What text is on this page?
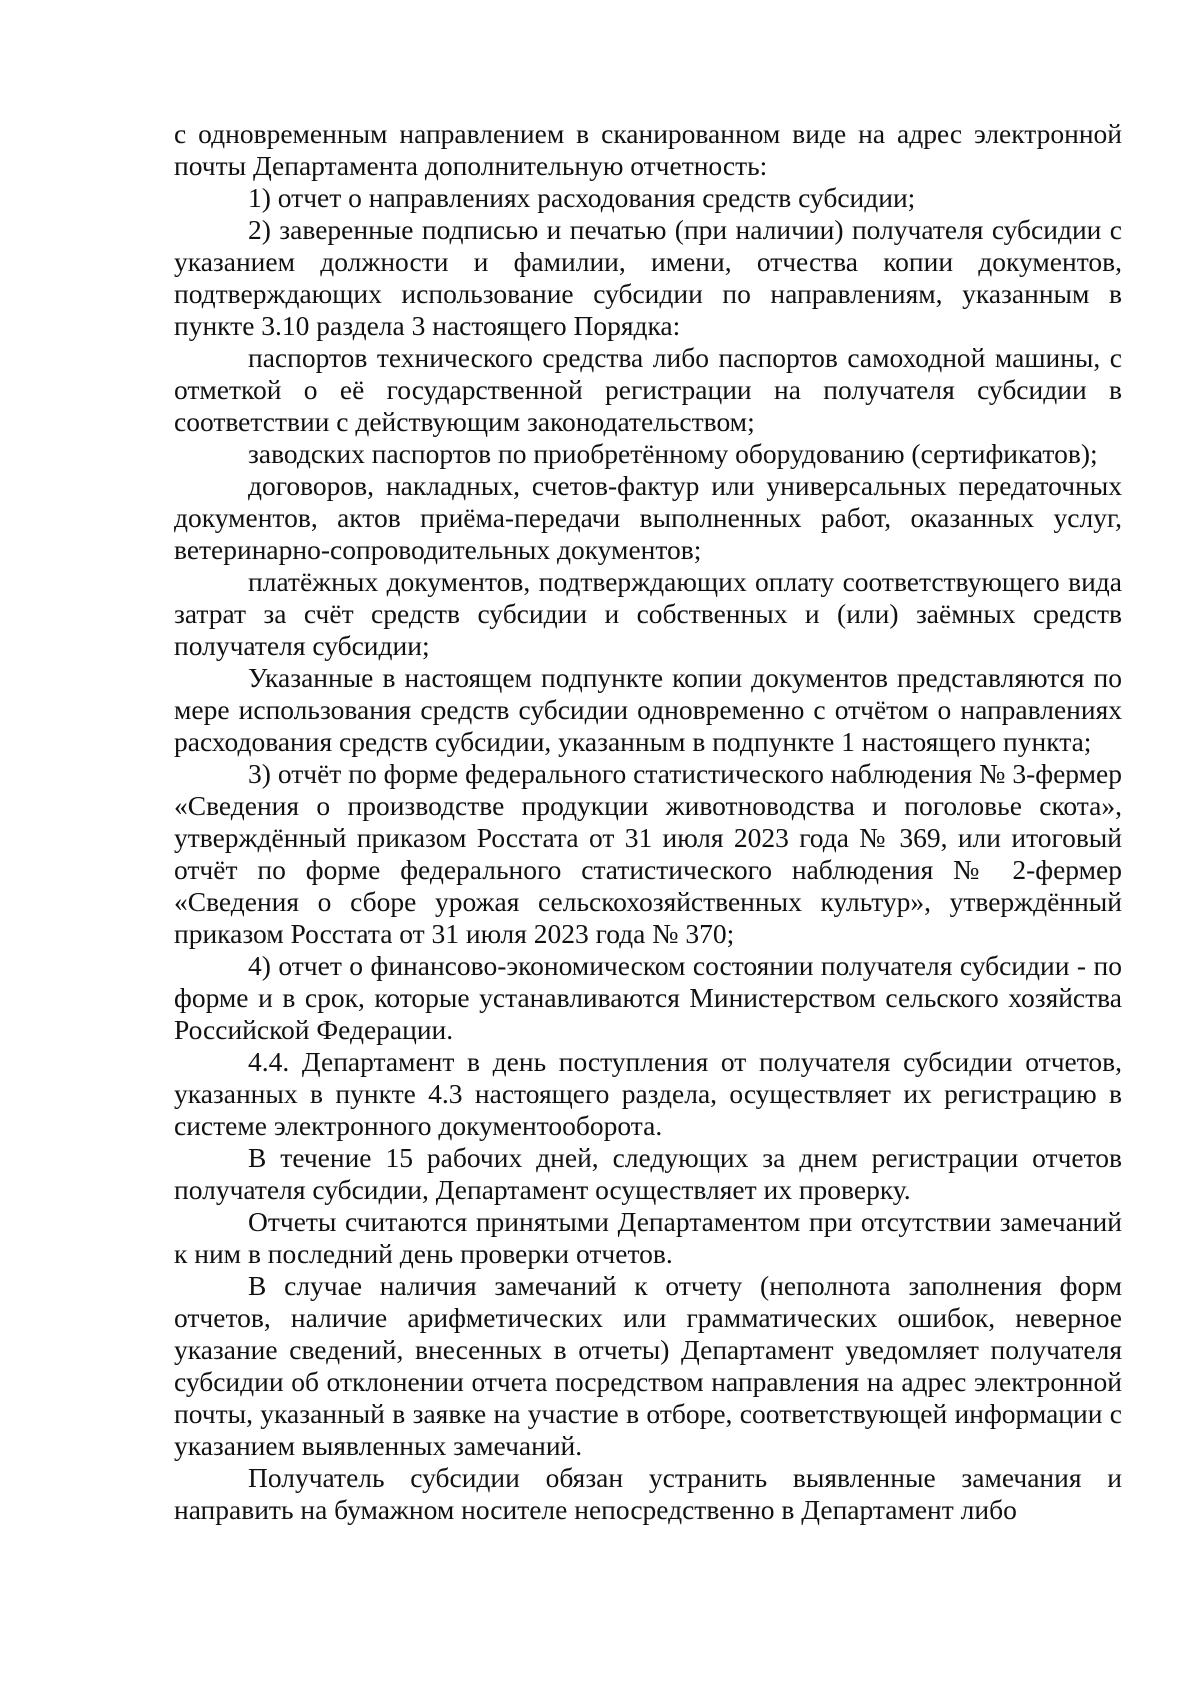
с одновременным направлением в сканированном виде на адрес электронной почты Департамента дополнительную отчетность:

1) отчет о направлениях расходования средств субсидии;

2) заверенные подписью и печатью (при наличии) получателя субсидии с указанием должности и фамилии, имени, отчества копии документов, подтверждающих использование субсидии по направлениям, указанным в пункте 3.10 раздела 3 настоящего Порядка:

паспортов технического средства либо паспортов самоходной машины, с отметкой о её государственной регистрации на получателя субсидии в соответствии с действующим законодательством;

заводских паспортов по приобретённому оборудованию (сертификатов);

договоров, накладных, счетов-фактур или универсальных передаточных документов, актов приёма-передачи выполненных работ, оказанных услуг, ветеринарно-сопроводительных документов;

платёжных документов, подтверждающих оплату соответствующего вида затрат за счёт средств субсидии и собственных и (или) заёмных средств получателя субсидии;

Указанные в настоящем подпункте копии документов представляются по мере использования средств субсидии одновременно с отчётом о направлениях расходования средств субсидии, указанным в подпункте 1 настоящего пункта;

3) отчёт по форме федерального статистического наблюдения № 3-фермер «Сведения о производстве продукции животноводства и поголовье скота», утверждённый приказом Росстата от 31 июля 2023 года № 369, или итоговый отчёт по форме федерального статистического наблюдения № 2-фермер «Сведения о сборе урожая сельскохозяйственных культур», утверждённый приказом Росстата от 31 июля 2023 года № 370;

4) отчет о финансово-экономическом состоянии получателя субсидии - по форме и в срок, которые устанавливаются Министерством сельского хозяйства Российской Федерации.

4.4. Департамент в день поступления от получателя субсидии отчетов, указанных в пункте 4.3 настоящего раздела, осуществляет их регистрацию в системе электронного документооборота.

В течение 15 рабочих дней, следующих за днем регистрации отчетов получателя субсидии, Департамент осуществляет их проверку.

Отчеты считаются принятыми Департаментом при отсутствии замечаний к ним в последний день проверки отчетов.

В случае наличия замечаний к отчету (неполнота заполнения форм отчетов, наличие арифметических или грамматических ошибок, неверное указание сведений, внесенных в отчеты) Департамент уведомляет получателя субсидии об отклонении отчета посредством направления на адрес электронной почты, указанный в заявке на участие в отборе, соответствующей информации с указанием выявленных замечаний.

Получатель субсидии обязан устранить выявленные замечания и направить на бумажном носителе непосредственно в Департамент либо
